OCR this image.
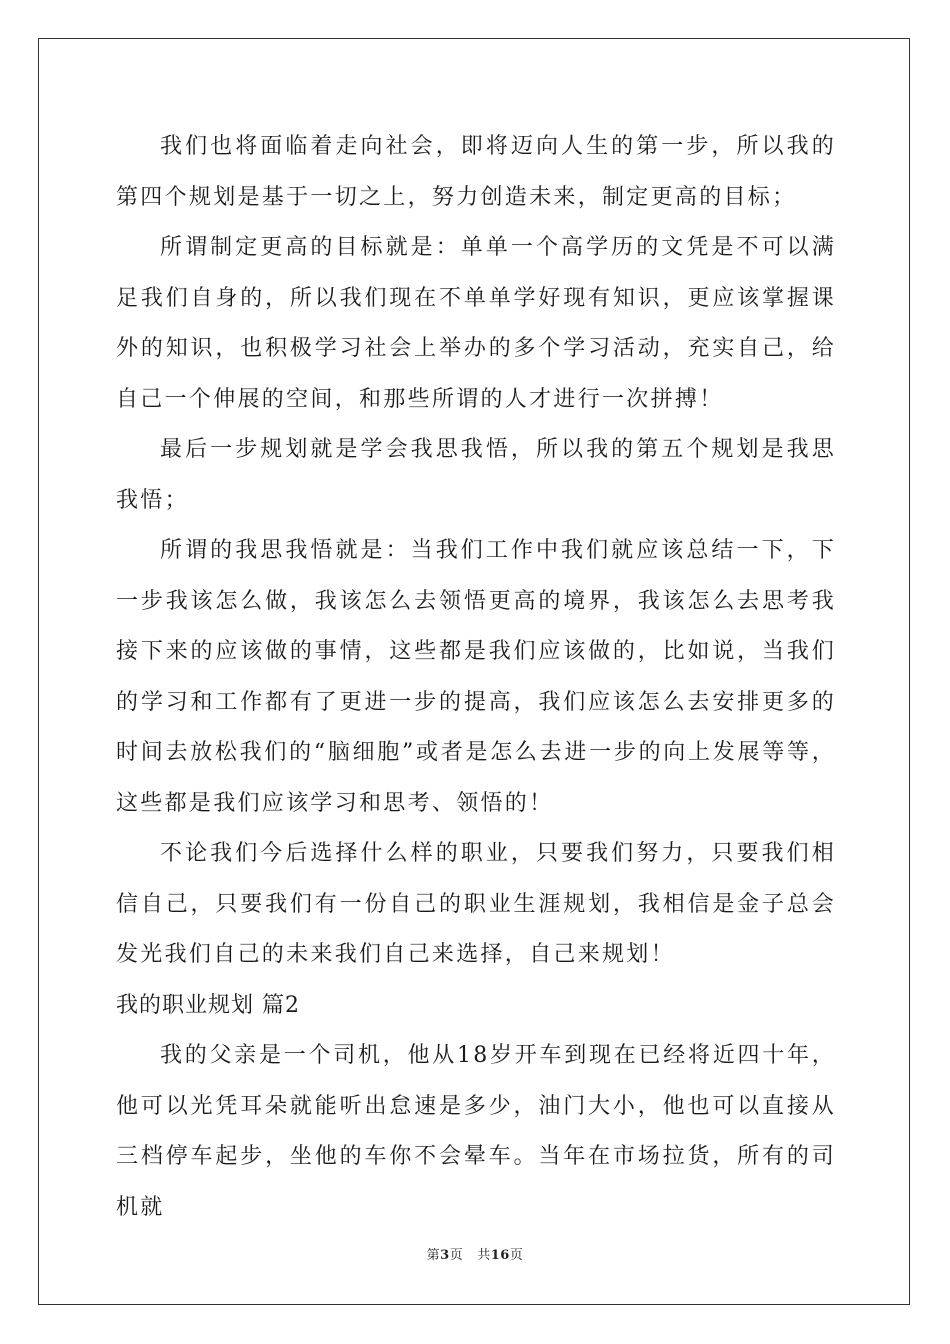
我们也将面临着走向社会，即将迈向人生的第一步，所以我的第四个规划是基于一切之上，努力创造未来，制定更高的目标；

所谓制定更高的目标就是：单单一个高学历的文凭是不可以满足我们自身的，所以我们现在不单单学好现有知识，更应该掌握课外的知识，也积极学习社会上举办的多个学习活动，充实自己，给自己一个伸展的空间，和那些所谓的人才进行一次拼搏！

最后一步规划就是学会我思我悟，所以我的第五个规划是我思我悟；

所谓的我思我悟就是：当我们工作中我们就应该总结一下，下一步我该怎么做，我该怎么去领悟更高的境界，我该怎么去思考我接下来的应该做的事情，这些都是我们应该做的，比如说，当我们的学习和工作都有了更进一步的提高，我们应该怎么去安排更多的时间去放松我们的“脑细胞”或者是怎么去进一步的向上发展等等，这些都是我们应该学习和思考、领悟的！

不论我们今后选择什么样的职业，只要我们努力，只要我们相信自己，只要我们有一份自己的职业生涯规划，我相信是金子总会发光我们自己的未来我们自己来选择，自己来规划！

我的职业规划 篇2

我的父亲是一个司机，他从18岁开车到现在已经将近四十年，他可以光凭耳朵就能听出怠速是多少，油门大小，他也可以直接从三档停车起步，坐他的车你不会晕车。当年在市场拉货，所有的司机就

第3页 共16页
